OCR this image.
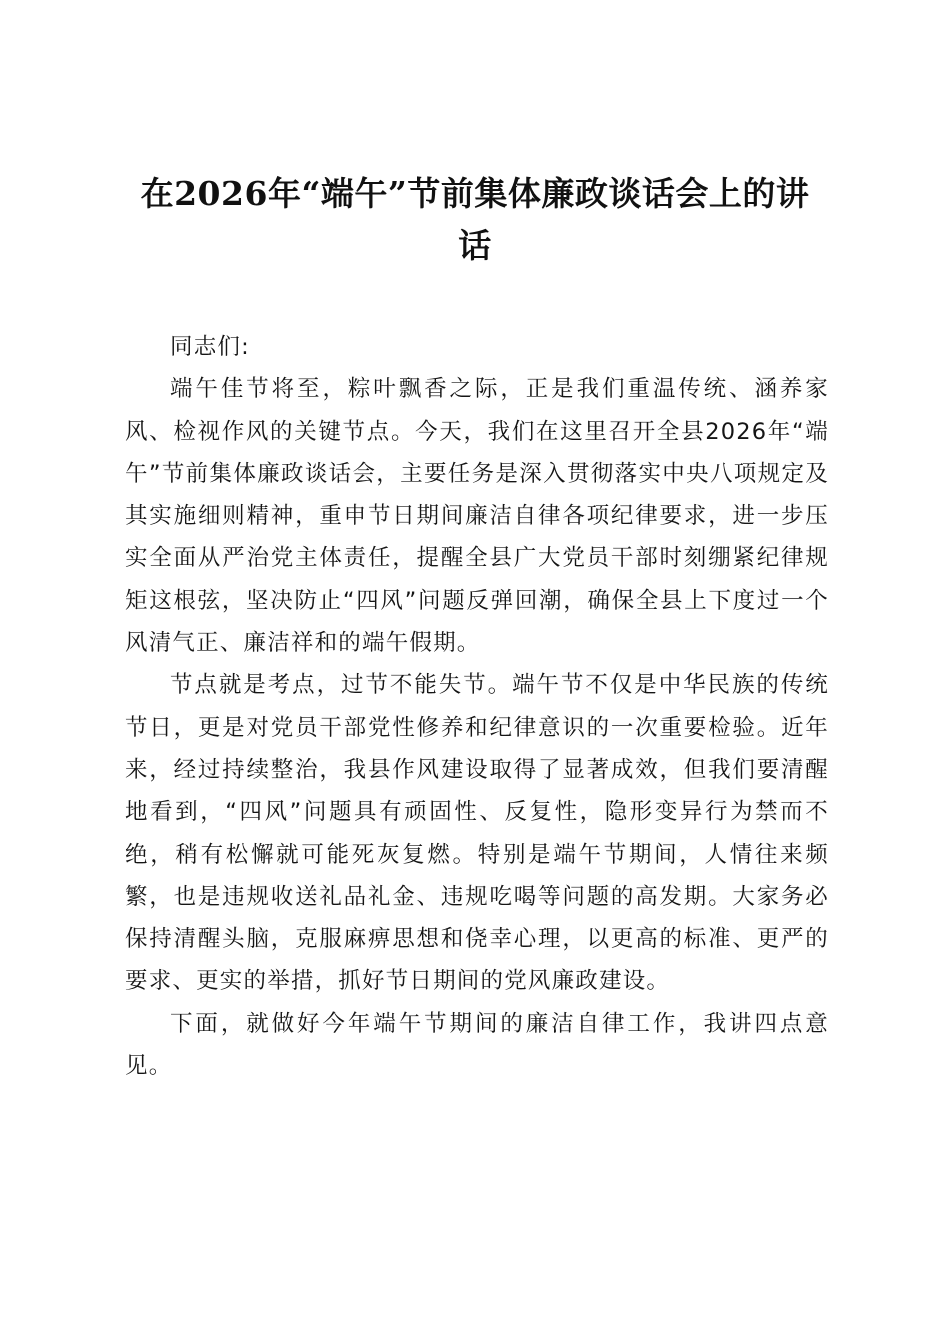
在2026年“端午”节前集体廉政谈话会上的讲话

同志们:

端午佳节将至，粽叶飘香之际，正是我们重温传统、涵养家风、检视作风的关键节点。今天，我们在这里召开全县2026年“端午”节前集体廉政谈话会，主要任务是深入贯彻落实中央八项规定及其实施细则精神，重申节日期间廉洁自律各项纪律要求，进一步压实全面从严治党主体责任，提醒全县广大党员干部时刻绷紧纪律规矩这根弦，坚决防止“四风”问题反弹回潮，确保全县上下度过一个风清气正、廉洁祥和的端午假期。

节点就是考点，过节不能失节。端午节不仅是中华民族的传统节日，更是对党员干部党性修养和纪律意识的一次重要检验。近年来，经过持续整治，我县作风建设取得了显著成效，但我们要清醒地看到，“四风”问题具有顽固性、反复性，隐形变异行为禁而不绝，稍有松懈就可能死灰复燃。特别是端午节期间，人情往来频繁，也是违规收送礼品礼金、违规吃喝等问题的高发期。大家务必保持清醒头脑，克服麻痹思想和侥幸心理，以更高的标准、更严的要求、更实的举措，抓好节日期间的党风廉政建设。

下面，就做好今年端午节期间的廉洁自律工作，我讲四点意见。
